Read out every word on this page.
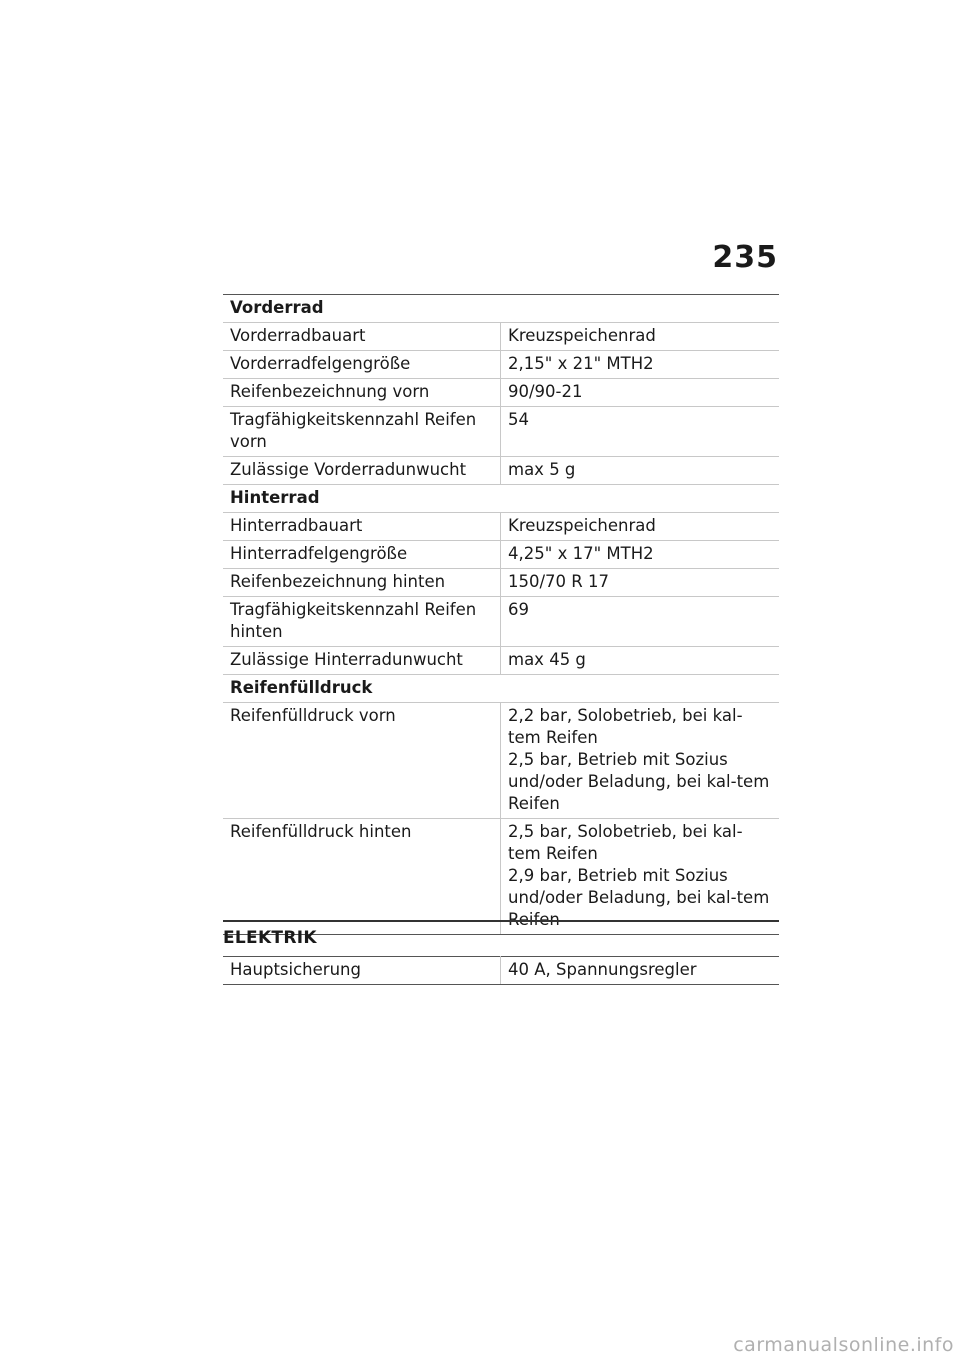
235
Vorderrad	
Vorderradbauart	Kreuzspeichenrad

Vorderradfelgengröße	2,15" x 21" MTH2

Reifenbezeichnung vorn	90/90-21

Tragfähigkeitskennzahl Reifen vorn	54

Zulässige Vorderradunwucht	max 5 g

Hinterrad	
Hinterradbauart	Kreuzspeichenrad

Hinterradfelgengröße	4,25" x 17" MTH2

Reifenbezeichnung hinten	150/70 R 17

Tragfähigkeitskennzahl Reifen hinten	69

Zulässige Hinterradunwucht	max 45 g

Reifenfülldruck	
Reifenfülldruck vorn	2,2 bar, Solobetrieb, bei kal-tem Reifen
2,5 bar, Betrieb mit Sozius und/oder Beladung, bei kal-tem Reifen

Reifenfülldruck hinten	2,5 bar, Solobetrieb, bei kal-tem Reifen
2,9 bar, Betrieb mit Sozius und/oder Beladung, bei kal-tem Reifen
ELEKTRIK
Hauptsicherung	40 A, Spannungsregler
carmanualsonline.info
